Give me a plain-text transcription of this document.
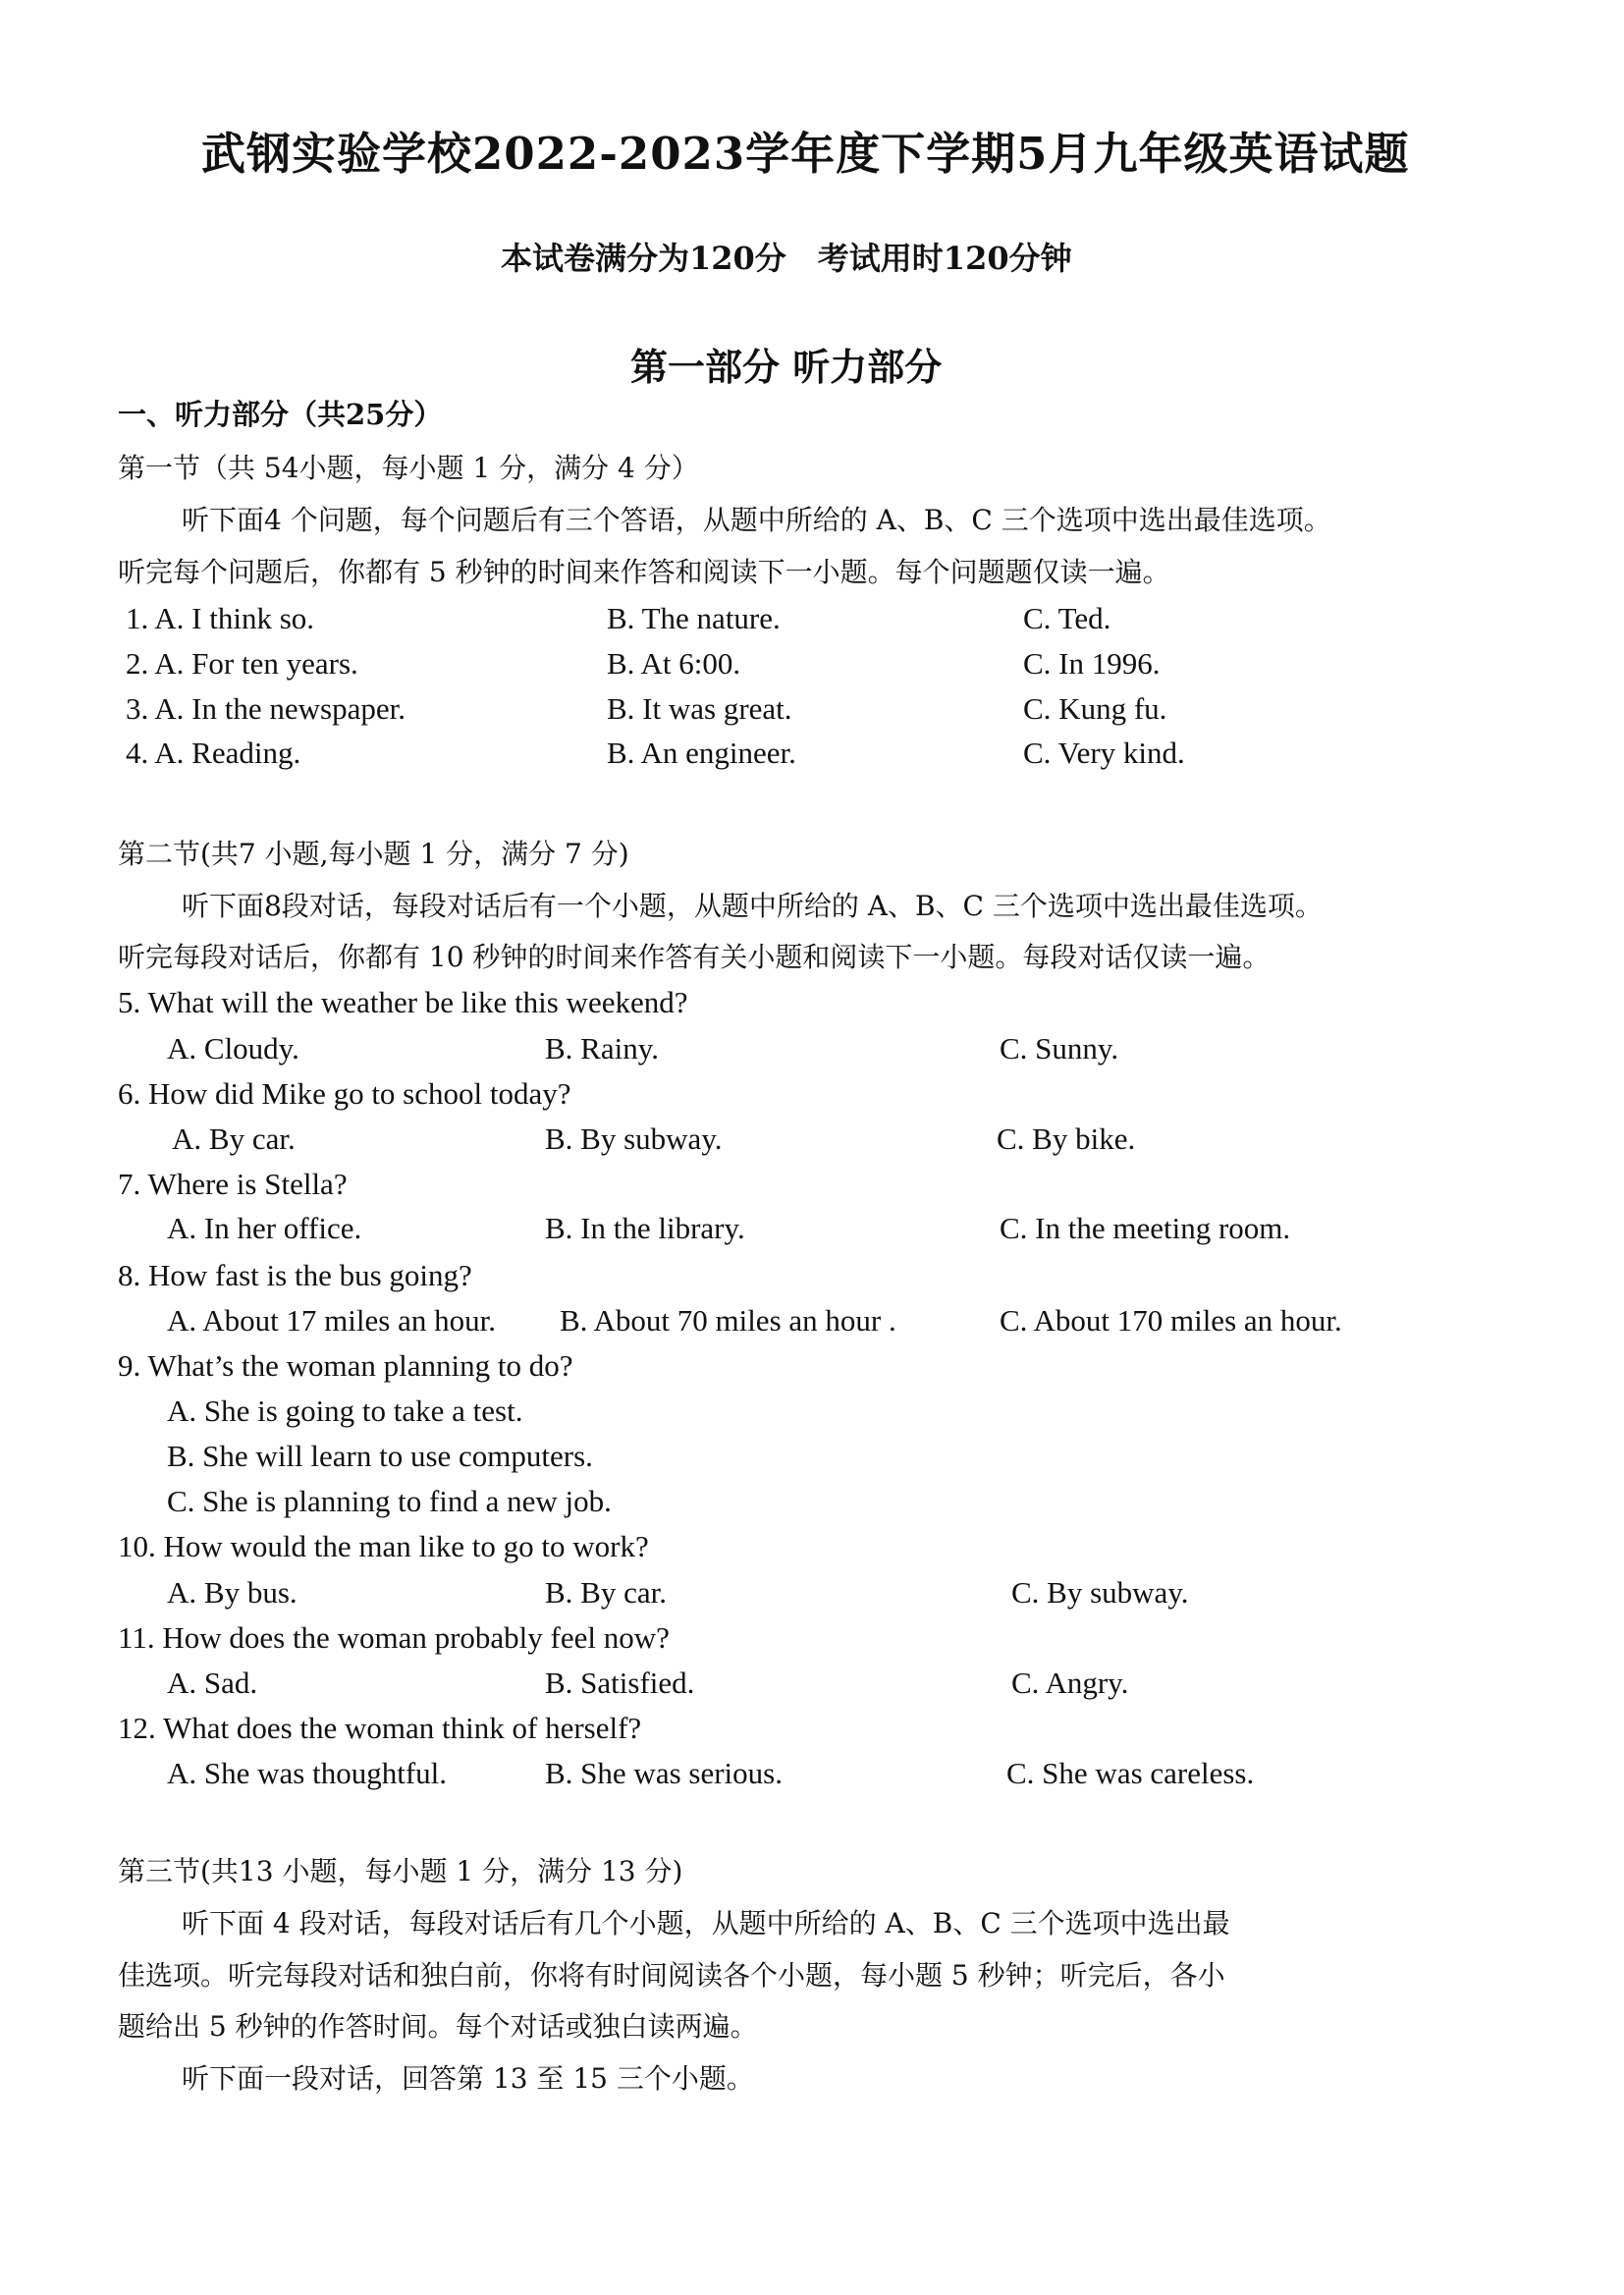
武钢实验学校2022-2023学年度下学期5月九年级英语试题
本试卷满分为120分　考试用时120分钟
第一部分 听力部分
一、听力部分（共25分）
第一节（共 54小题，每小题 1 分，满分 4 分）
听下面4 个问题，每个问题后有三个答语，从题中所给的 A、B、C 三个选项中选出最佳选项。
听完每个问题后，你都有 5 秒钟的时间来作答和阅读下一小题。每个问题题仅读一遍。
1. A. I think so.	B. The nature.	C. Ted.
2. A. For ten years.	B. At 6:00.	C. In 1996.
3. A. In the newspaper.	B. It was great.	C. Kung fu.
4. A. Reading.	B. An engineer.	C. Very kind.
第二节(共7 小题,每小题 1 分，满分 7 分)
听下面8段对话，每段对话后有一个小题，从题中所给的 A、B、C 三个选项中选出最佳选项。
听完每段对话后，你都有 10 秒钟的时间来作答有关小题和阅读下一小题。每段对话仅读一遍。
5. What will the weather be like this weekend?
A. Cloudy.	B. Rainy.	C. Sunny.
6. How did Mike go to school today?
A. By car.	B. By subway.	C. By bike.
7. Where is Stella?
A. In her office.	B. In the library.	C. In the meeting room.
8. How fast is the bus going?
A. About 17 miles an hour. B. About 70 miles an hour .	C. About 170 miles an hour.
9. What’s the woman planning to do?
A. She is going to take a test.
B. She will learn to use computers.
C. She is planning to find a new job.
10. How would the man like to go to work?
A. By bus.	B. By car.	C. By subway.
11. How does the woman probably feel now?
A. Sad.	B. Satisfied.	C. Angry.
12. What does the woman think of herself?
A. She was thoughtful.	B. She was serious.	C. She was careless.
第三节(共13 小题，每小题 1 分，满分 13 分)
听下面 4 段对话，每段对话后有几个小题，从题中所给的 A、B、C 三个选项中选出最
佳选项。听完每段对话和独白前，你将有时间阅读各个小题，每小题 5 秒钟；听完后，各小
题给出 5 秒钟的作答时间。每个对话或独白读两遍。
听下面一段对话，回答第 13 至 15 三个小题。
